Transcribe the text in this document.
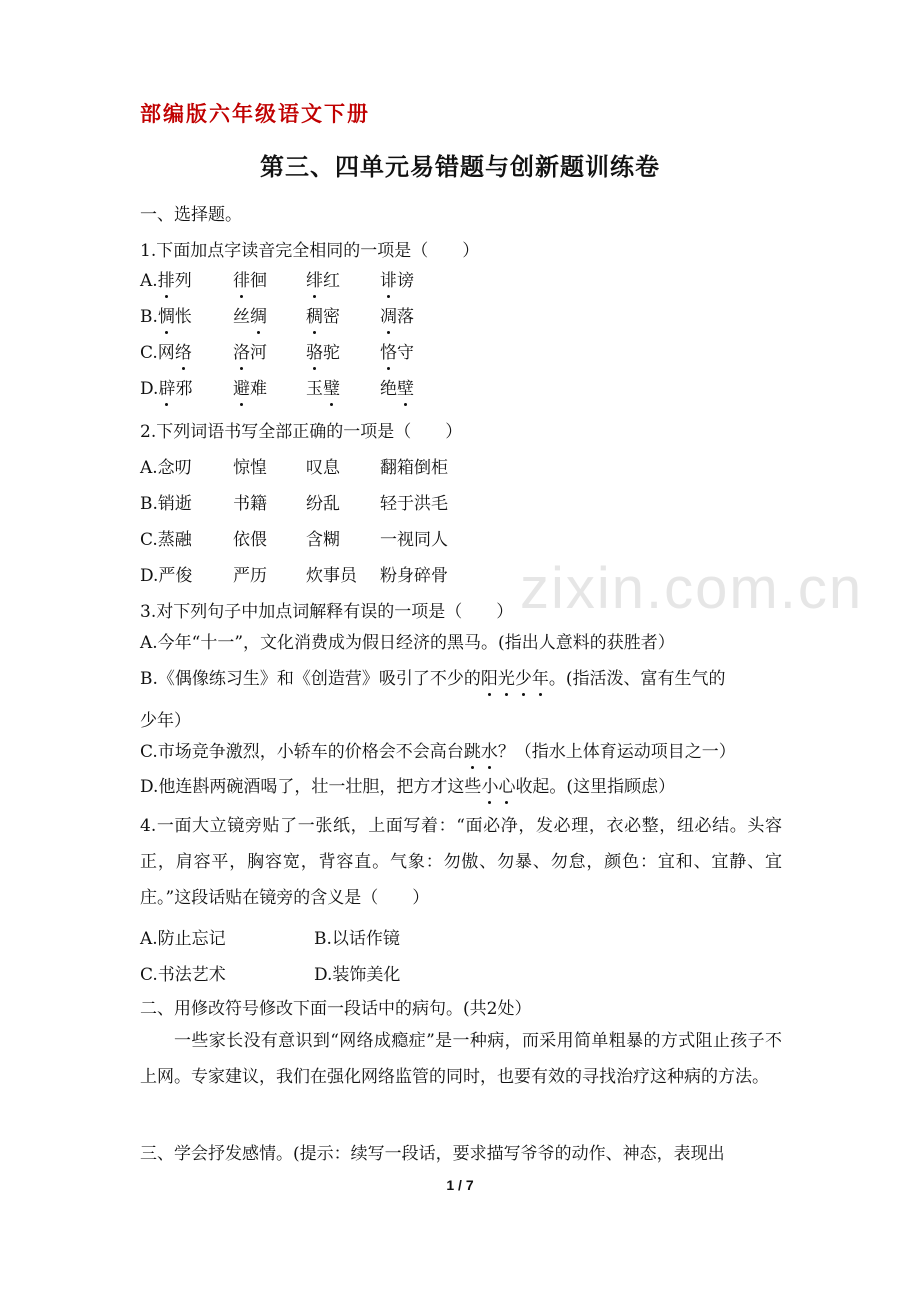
zixin.com.cn
部编版六年级语文下册
第三、四单元易错题与创新题训练卷
一、选择题。
1.下面加点字读音完全相同的一项是（　　）
A.排列 徘徊 绯红 诽谤
B.惆怅 丝绸 稠密 凋落
C.网络 洛河 骆驼 恪守
D.辟邪 避难 玉璧 绝壁
2.下列词语书写全部正确的一项是（　　）
A.念叨 惊惶 叹息 翻箱倒柜
B.销逝 书籍 纷乱 轻于洪毛
C.蒸融 依偎 含糊 一视同人
D.严俊 严历 炊事员 粉身碎骨
3.对下列句子中加点词解释有误的一项是（　　）
A.今年“十一”，文化消费成为假日经济的黑马。(指出人意料的获胜者）
B.《偶像练习生》和《创造营》吸引了不少的阳光少年。(指活泼、富有生气的
少年）
C.市场竞争激烈，小轿车的价格会不会高台跳水？（指水上体育运动项目之一）
D.他连斟两碗酒喝了，壮一壮胆，把方才这些小心收起。(这里指顾虑）
4.一面大立镜旁贴了一张纸，上面写着：“面必净，发必理，衣必整，纽必结。头容正，肩容平，胸容宽，背容直。气象：勿傲、勿暴、勿怠，颜色：宜和、宜静、宜庄。”这段话贴在镜旁的含义是（　　）
A.防止忘记	B.以话作镜
C.书法艺术	D.装饰美化
二、用修改符号修改下面一段话中的病句。(共2处）
一些家长没有意识到“网络成瘾症”是一种病，而采用简单粗暴的方式阻止孩子不上网。专家建议，我们在强化网络监管的同时，也要有效的寻找治疗这种病的方法。
三、学会抒发感情。(提示：续写一段话，要求描写爷爷的动作、神态，表现出
1 / 7
